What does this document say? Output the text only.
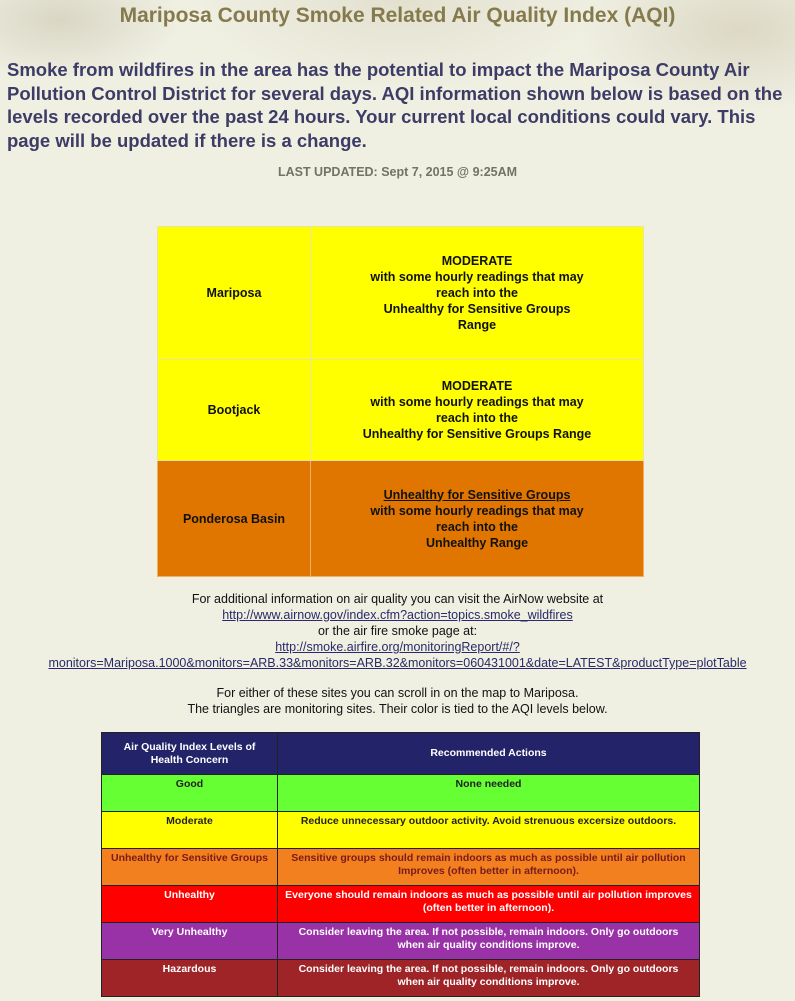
Mariposa County Smoke Related Air Quality Index (AQI)

Smoke from wildfires in the area has the potential to impact the Mariposa County Air Pollution Control District for several days. AQI information shown below is based on the levels recorded over the past 24 hours. Your current local conditions could vary. This page will be updated if there is a change.

LAST UPDATED: Sept 7, 2015 @ 9:25AM
Mariposa	MODERATE
with some hourly readings that may
reach into the
Unhealthy for Sensitive Groups
Range

Bootjack	MODERATE
with some hourly readings that may
reach into the
Unhealthy for Sensitive Groups Range

Ponderosa Basin	Unhealthy for Sensitive Groups
with some hourly readings that may
reach into the
Unhealthy Range
For additional information on air quality you can visit the AirNow website at
http://www.airnow.gov/index.cfm?action=topics.smoke_wildfires
or the air fire smoke page at:
http://smoke.airfire.org/monitoringReport/#/?
monitors=Mariposa.1000&monitors=ARB.33&monitors=ARB.32&monitors=060431001&date=LATEST&productType=plotTable
For either of these sites you can scroll in on the map to Mariposa.
The triangles are monitoring sites. Their color is tied to the AQI levels below.
Air Quality Index Levels of Health Concern	Recommended Actions
Good	None needed
Moderate	Reduce unnecessary outdoor activity. Avoid strenuous excersize outdoors.
Unhealthy for Sensitive Groups	Sensitive groups should remain indoors as much as possible until air pollution Improves (often better in afternoon).
Unhealthy	Everyone should remain indoors as much as possible until air pollution improves (often better in afternoon).
Very Unhealthy	Consider leaving the area. If not possible, remain indoors. Only go outdoors when air quality conditions improve.
Hazardous	Consider leaving the area. If not possible, remain indoors. Only go outdoors when air quality conditions improve.
